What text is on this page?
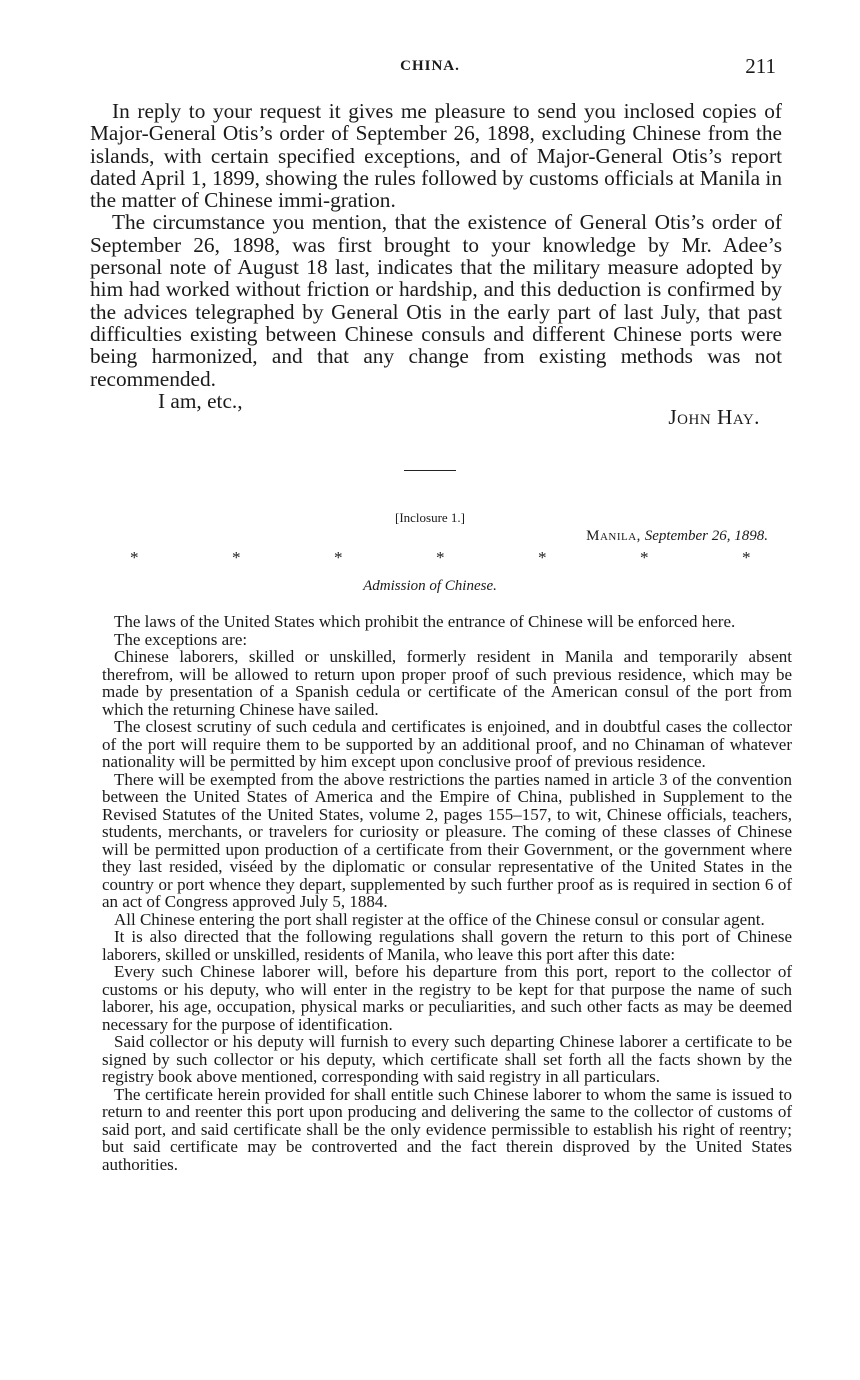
CHINA.	211

In reply to your request it gives me pleasure to send you inclosed copies of Major-General Otis’s order of September 26, 1898, excluding Chinese from the islands, with certain specified exceptions, and of Major-General Otis’s report dated April 1, 1899, showing the rules followed by customs officials at Manila in the matter of Chinese immi-gration.

The circumstance you mention, that the existence of General Otis’s order of September 26, 1898, was first brought to your knowledge by Mr. Adee’s personal note of August 18 last, indicates that the military measure adopted by him had worked without friction or hardship, and this deduction is confirmed by the advices telegraphed by General Otis in the early part of last July, that past difficulties existing between Chinese consuls and different Chinese ports were being harmonized, and that any change from existing methods was not recommended.

I am, etc.,
John Hay.
[Inclosure 1.]
Manila, September 26, 1898.
*	*	*	*	*	*	*
Admission of Chinese.

The laws of the United States which prohibit the entrance of Chinese will be enforced here.

The exceptions are:

Chinese laborers, skilled or unskilled, formerly resident in Manila and temporarily absent therefrom, will be allowed to return upon proper proof of such previous residence, which may be made by presentation of a Spanish cedula or certificate of the American consul of the port from which the returning Chinese have sailed.

The closest scrutiny of such cedula and certificates is enjoined, and in doubtful cases the collector of the port will require them to be supported by an additional proof, and no Chinaman of whatever nationality will be permitted by him except upon conclusive proof of previous residence.

There will be exempted from the above restrictions the parties named in article 3 of the convention between the United States of America and the Empire of China, published in Supplement to the Revised Statutes of the United States, volume 2, pages 155–157, to wit, Chinese officials, teachers, students, merchants, or travelers for curiosity or pleasure. The coming of these classes of Chinese will be permitted upon production of a certificate from their Government, or the government where they last resided, viséed by the diplomatic or consular representative of the United States in the country or port whence they depart, supplemented by such further proof as is required in section 6 of an act of Congress approved July 5, 1884.

All Chinese entering the port shall register at the office of the Chinese consul or consular agent.

It is also directed that the following regulations shall govern the return to this port of Chinese laborers, skilled or unskilled, residents of Manila, who leave this port after this date:

Every such Chinese laborer will, before his departure from this port, report to the collector of customs or his deputy, who will enter in the registry to be kept for that purpose the name of such laborer, his age, occupation, physical marks or peculiarities, and such other facts as may be deemed necessary for the purpose of identification.

Said collector or his deputy will furnish to every such departing Chinese laborer a certificate to be signed by such collector or his deputy, which certificate shall set forth all the facts shown by the registry book above mentioned, corresponding with said registry in all particulars.

The certificate herein provided for shall entitle such Chinese laborer to whom the same is issued to return to and reenter this port upon producing and delivering the same to the collector of customs of said port, and said certificate shall be the only evidence permissible to establish his right of reentry; but said certificate may be controverted and the fact therein disproved by the United States authorities.
